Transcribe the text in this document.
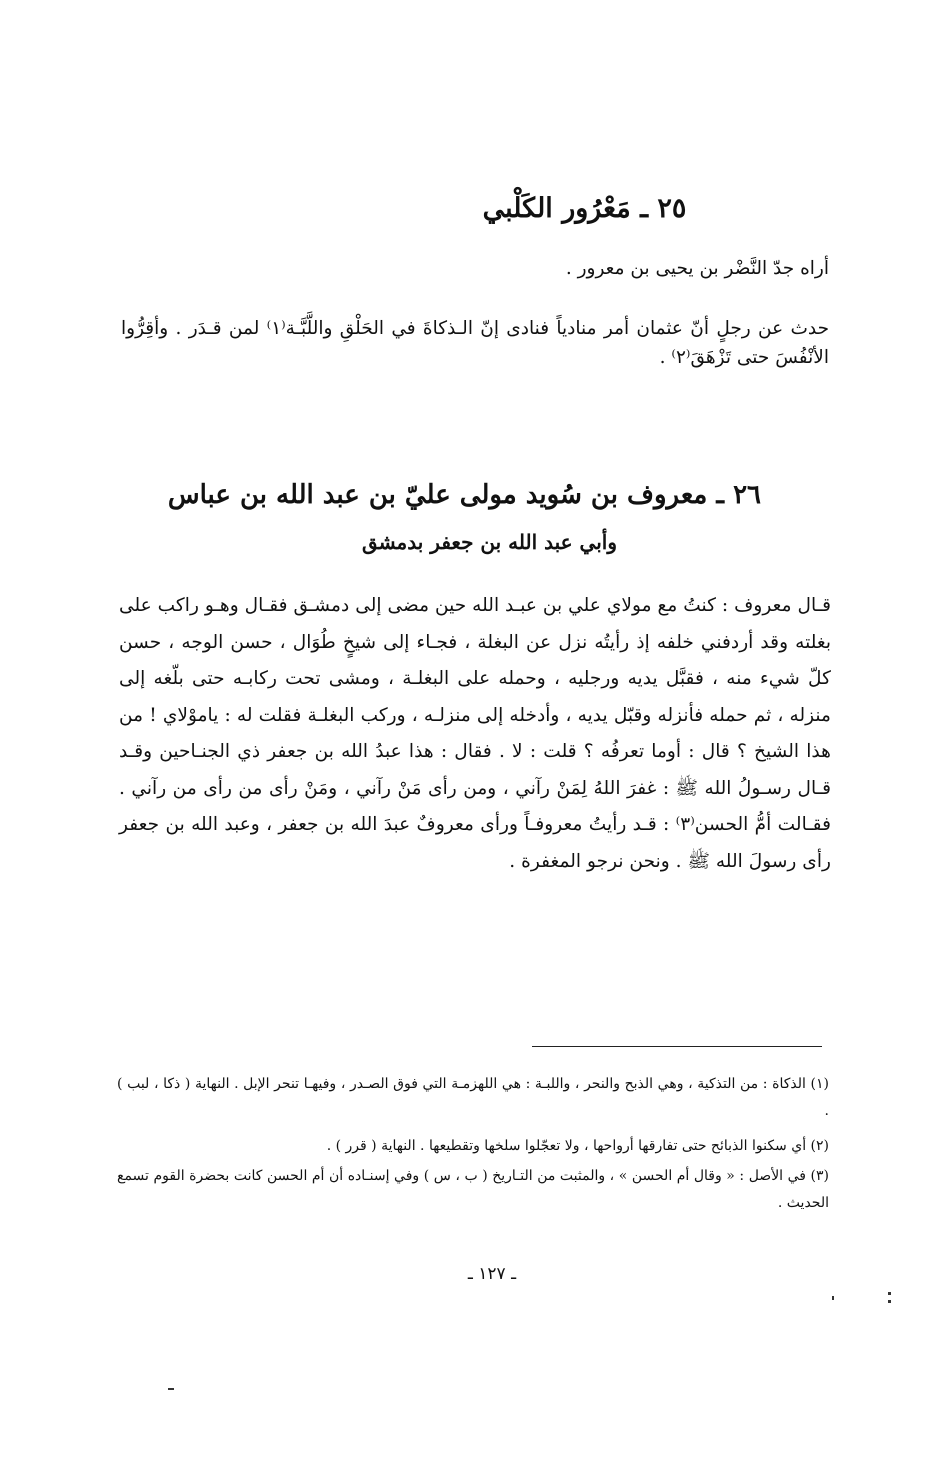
٢٥ ـ مَعْرُور الكَلْبي
أراه جدّ النَّضْر بن يحيى بن معرور .
حدث عن رجلٍ أنّ عثمان أمر منادياً فنادى إنّ الـذكاةَ في الحَلْقِ واللَّبَّـة⁽١⁾ لمن قـدَر . وأقِرُّوا الأنْفُسَ حتى تَزْهَقَ⁽٢⁾ .
٢٦ ـ معروف بن سُويد مولى عليّ بن عبد الله بن عباس
وأبي عبد الله بن جعفر بدمشق
قـال معروف : كنتُ مع مولاي علي بن عبـد الله حين مضى إلى دمشـق فقـال وهـو راكب على بغلته وقد أردفني خلفه إذ رأيتُه نزل عن البغلة ، فجـاء إلى شيخٍ طُوَال ، حسن الوجه ، حسن كلّ شيء منه ، فقبَّل يديه ورجليه ، وحمله على البغلـة ، ومشى تحت ركابـه حتى بلّغه إلى منزله ، ثم حمله فأنزله وقبّل يديه ، وأدخله إلى منزلـه ، وركب البغلـة فقلت له : ياموْلاي ! من هذا الشيخ ؟ قال : أوما تعرفُه ؟ قلت : لا . فقال : هذا عبدُ الله بن جعفر ذي الجنـاحين وقـد قـال رسـولُ الله ﷺ : غفرَ اللهُ لِمَنْ رآني ، ومن رأى مَنْ رآني ، ومَنْ رأى من رأى من رآني . فقـالت أمُّ الحسن⁽٣⁾ : قـد رأيتُ معروفـاً ورأى معروفٌ عبدَ الله بن جعفر ، وعبد الله بن جعفر رأى رسولَ الله ﷺ . ونحن نرجو المغفرة .
(١) الذكاة : من التذكية ، وهي الذبح والنحر ، واللبـة : هي اللهزمـة التي فوق الصـدر ، وفيهـا تنحر الإبل . النهاية ( ذكا ، لبب ) .
(٢) أي سكنوا الذبائح حتى تفارقها أرواحها ، ولا تعجّلوا سلخها وتقطيعها . النهاية ( قرر ) .
(٣) في الأصل : « وقال أم الحسن » ، والمثبت من التـاريخ ( ب ، س ) وفي إسنـاده أن أم الحسن كانت بحضرة القوم تسمع الحديث .
ـ ١٢٧ ـ
